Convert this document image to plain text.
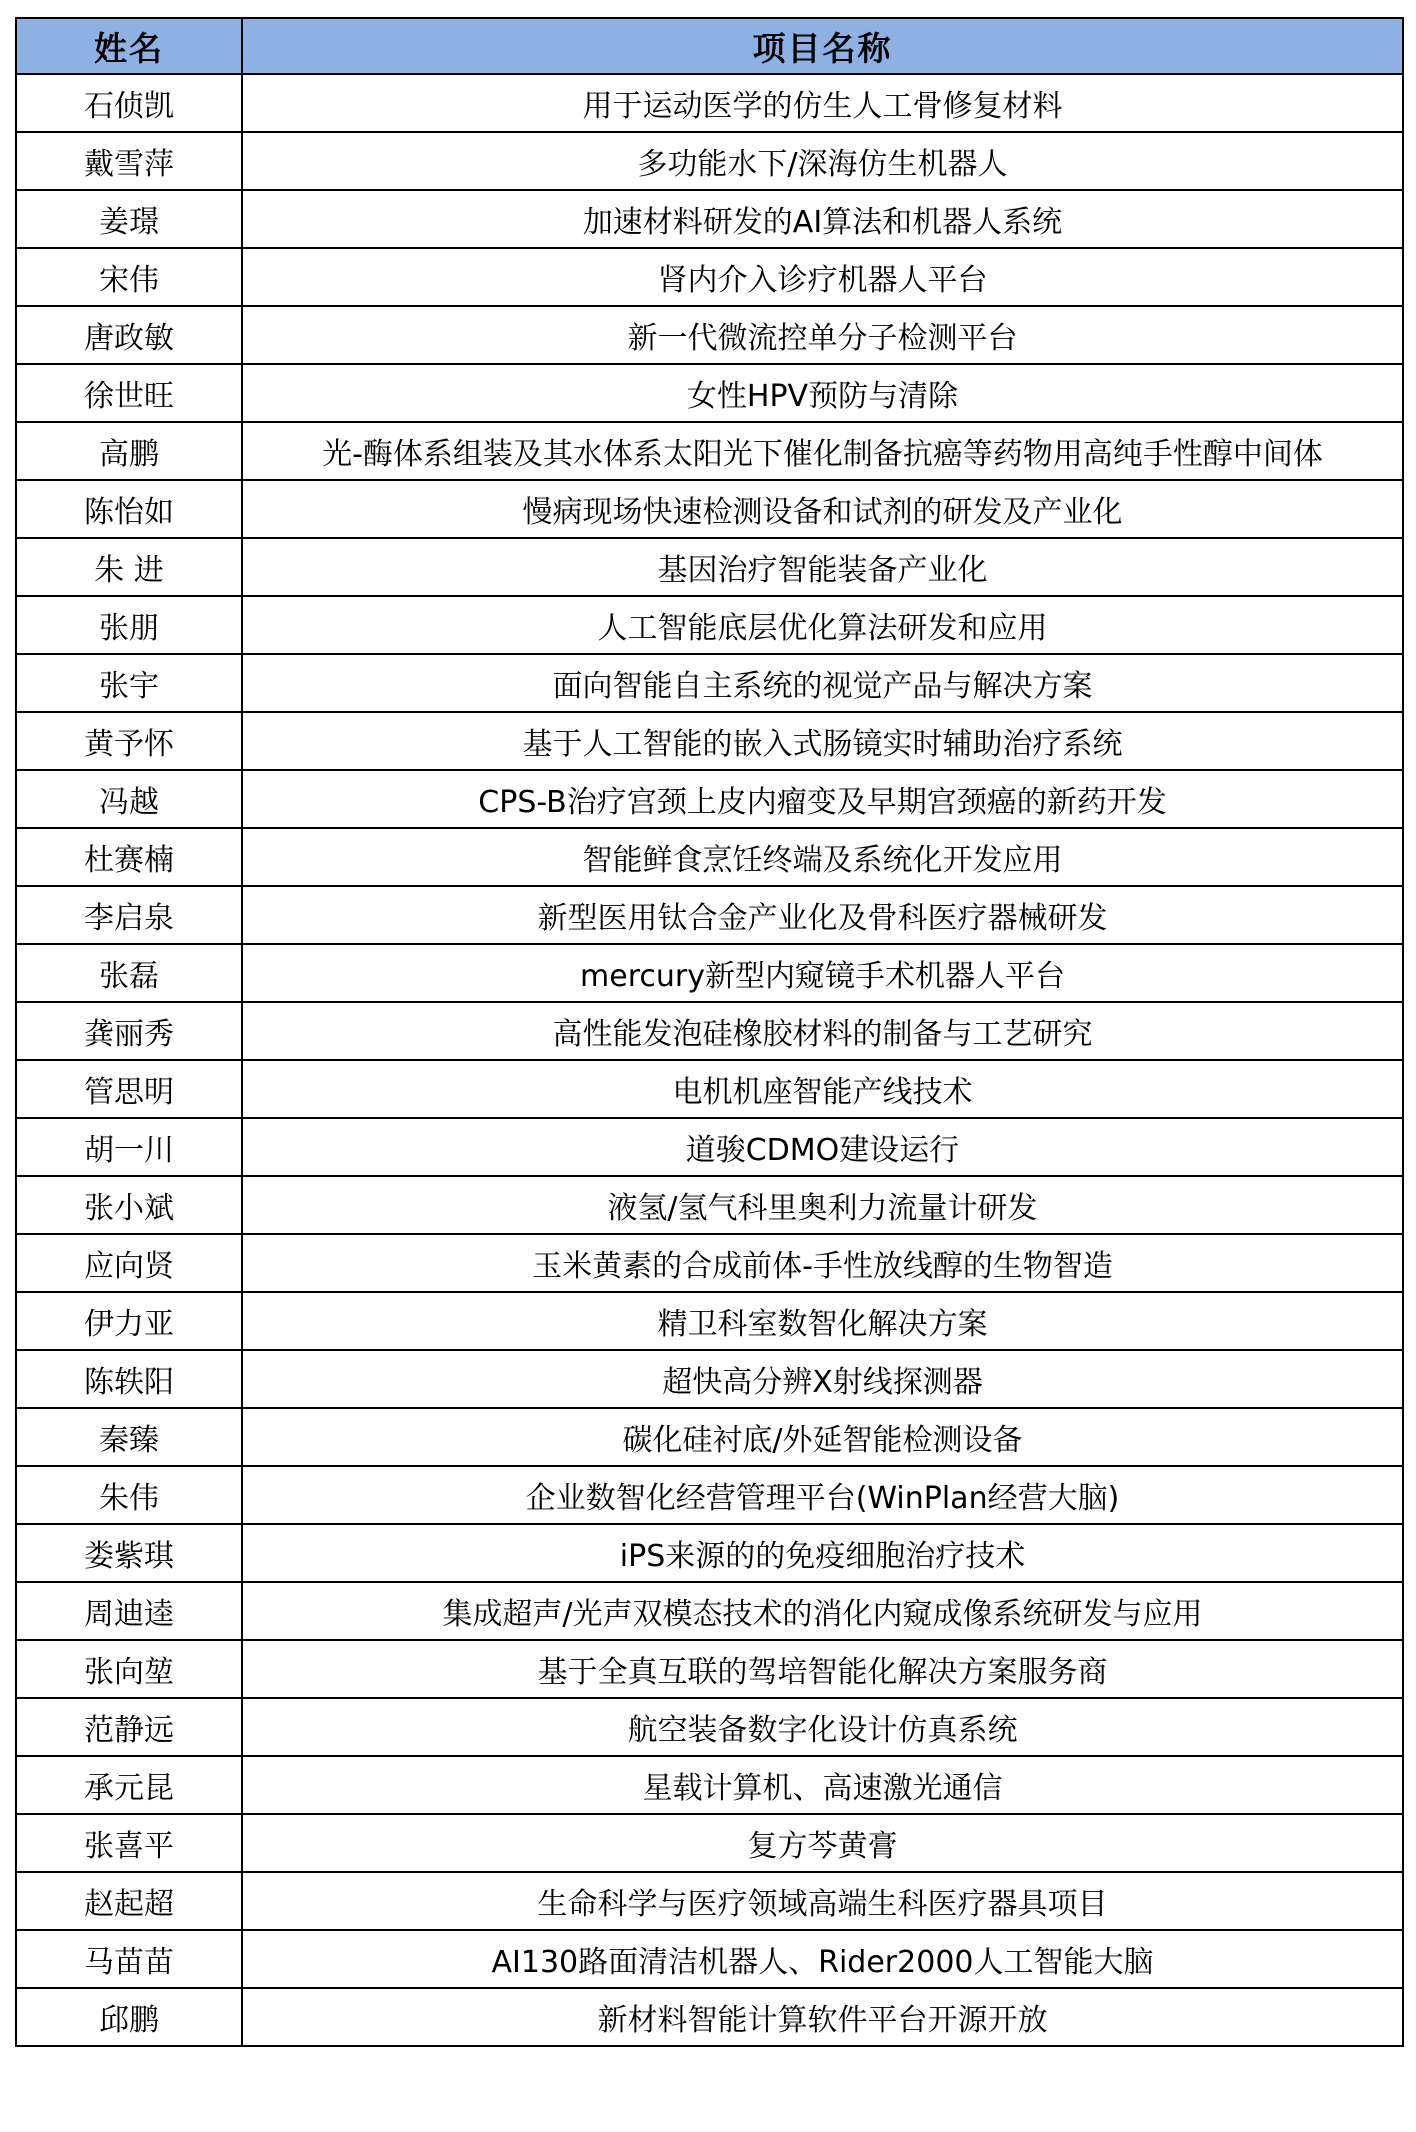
姓名	项目名称
石侦凯	用于运动医学的仿生人工骨修复材料
戴雪萍	多功能水下/深海仿生机器人
姜璟	加速材料研发的AI算法和机器人系统
宋伟	肾内介入诊疗机器人平台
唐政敏	新一代微流控单分子检测平台
徐世旺	女性HPV预防与清除
高鹏	光-酶体系组装及其水体系太阳光下催化制备抗癌等药物用高纯手性醇中间体
陈怡如	慢病现场快速检测设备和试剂的研发及产业化
朱 进	基因治疗智能装备产业化
张朋	人工智能底层优化算法研发和应用
张宇	面向智能自主系统的视觉产品与解决方案
黄予怀	基于人工智能的嵌入式肠镜实时辅助治疗系统
冯越	CPS-B治疗宫颈上皮内瘤变及早期宫颈癌的新药开发
杜赛楠	智能鲜食烹饪终端及系统化开发应用
李启泉	新型医用钛合金产业化及骨科医疗器械研发
张磊	mercury新型内窥镜手术机器人平台
龚丽秀	高性能发泡硅橡胶材料的制备与工艺研究
管思明	电机机座智能产线技术
胡一川	道骏CDMO建设运行
张小斌	液氢/氢气科里奥利力流量计研发
应向贤	玉米黄素的合成前体-手性放线醇的生物智造
伊力亚	精卫科室数智化解决方案
陈轶阳	超快高分辨X射线探测器
秦臻	碳化硅衬底/外延智能检测设备
朱伟	企业数智化经营管理平台(WinPlan经营大脑)
娄紫琪	iPS来源的的免疫细胞治疗技术
周迪逵	集成超声/光声双模态技术的消化内窥成像系统研发与应用
张向堃	基于全真互联的驾培智能化解决方案服务商
范静远	航空装备数字化设计仿真系统
承元昆	星载计算机、高速激光通信
张喜平	复方芩黄膏
赵起超	生命科学与医疗领域高端生科医疗器具项目
马苗苗	AI130路面清洁机器人、Rider2000人工智能大脑
邱鹏	新材料智能计算软件平台开源开放
